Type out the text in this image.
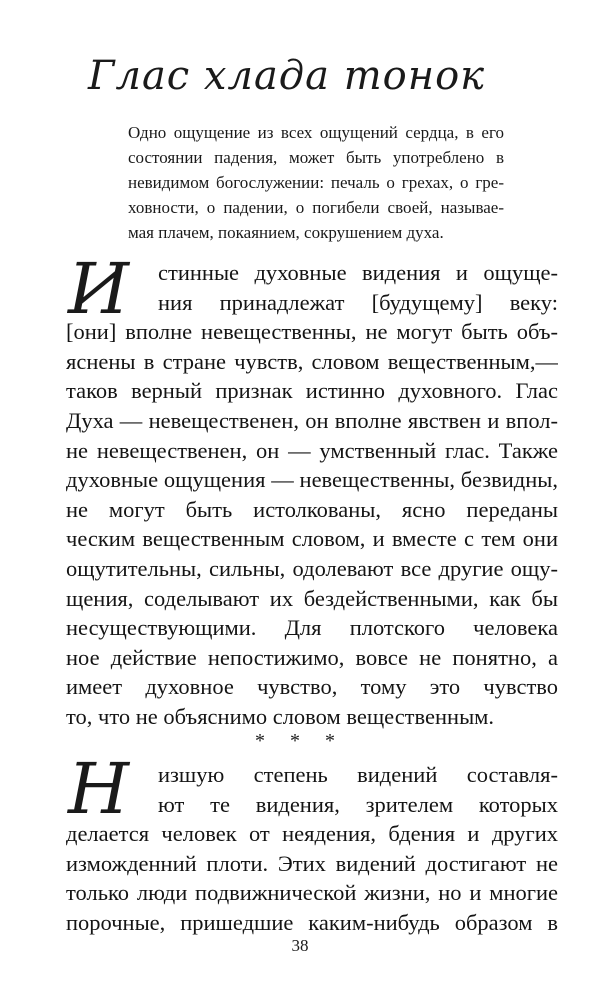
Глас хлада тонок
Одно ощущение из всех ощущений сердца, в его
состоянии падения, может быть употреблено в
невидимом богослужении: печаль о грехах, о гре-
ховности, о падении, о погибели своей, называе-
мая плачем, покаянием, сокрушением духа.
И	стинные духовные видения и ощуще-
ния принадлежат [будущему] веку:
[они] вполне невещественны, не могут быть объ-
яснены в стране чувств, словом вещественным,—
таков верный признак истинно духовного. Глас
Духа — невещественен, он вполне явствен и впол-
не невещественен, он — умственный глас. Также
духовные ощущения — невещественны, безвидны,
не могут быть истолкованы, ясно переданы
ческим вещественным словом, и вместе с тем они
ощутительны, сильны, одолевают все другие ощу-
щения, соделывают их бездейственными, как бы
несуществующими. Для плотского человека
ное действие непостижимо, вовсе не понятно, а
имеет духовное чувство, тому это чувство
то, что не объяснимо словом вещественным.
* * *
Н	изшую степень видений составля-
ют те видения, зрителем которых
делается человек от неядения, бдения и других
изможденний плоти. Этих видений достигают не
только люди подвижнической жизни, но и многие
порочные, пришедшие каким-нибудь образом в
38
